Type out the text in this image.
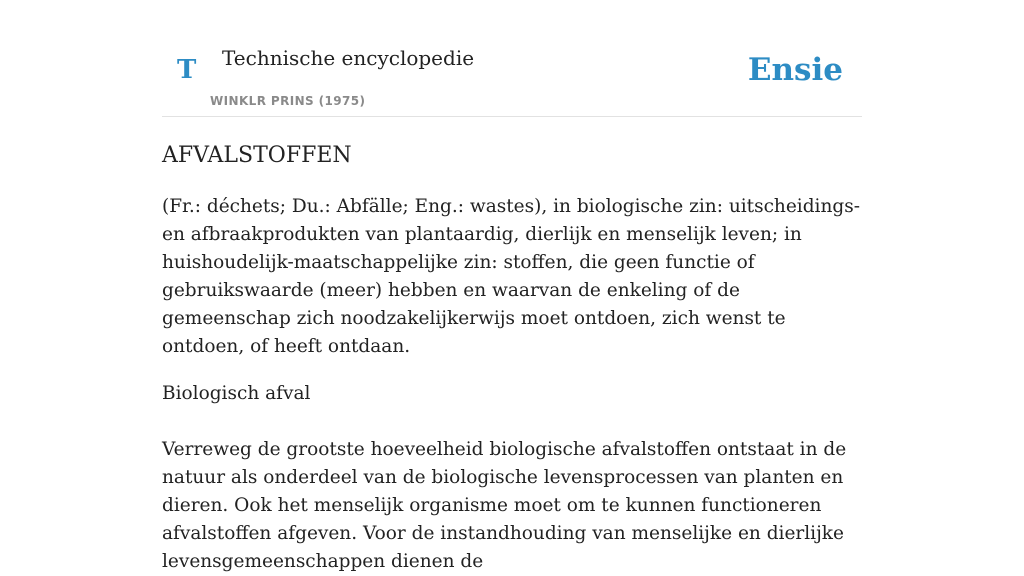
T Technische encyclopedie
WINKLR PRINS (1975)
Ensie
AFVALSTOFFEN

(Fr.: déchets; Du.: Abfälle; Eng.: wastes), in biologische zin: uitscheidings- en afbraakprodukten van plantaardig, dierlijk en menselijk leven; in huishoudelijk-maatschappelijke zin: stoffen, die geen functie of gebruikswaarde (meer) hebben en waarvan de enkeling of de gemeenschap zich noodzakelijkerwijs moet ontdoen, zich wenst te ontdoen, of heeft ontdaan.

Biologisch afval

Verreweg de grootste hoeveelheid biologische afvalstoffen ontstaat in de natuur als onderdeel van de biologische levensprocessen van planten en dieren. Ook het menselijk organisme moet om te kunnen functioneren afvalstoffen afgeven. Voor de instandhouding van menselijke en dierlijke levensgemeenschappen dienen de
